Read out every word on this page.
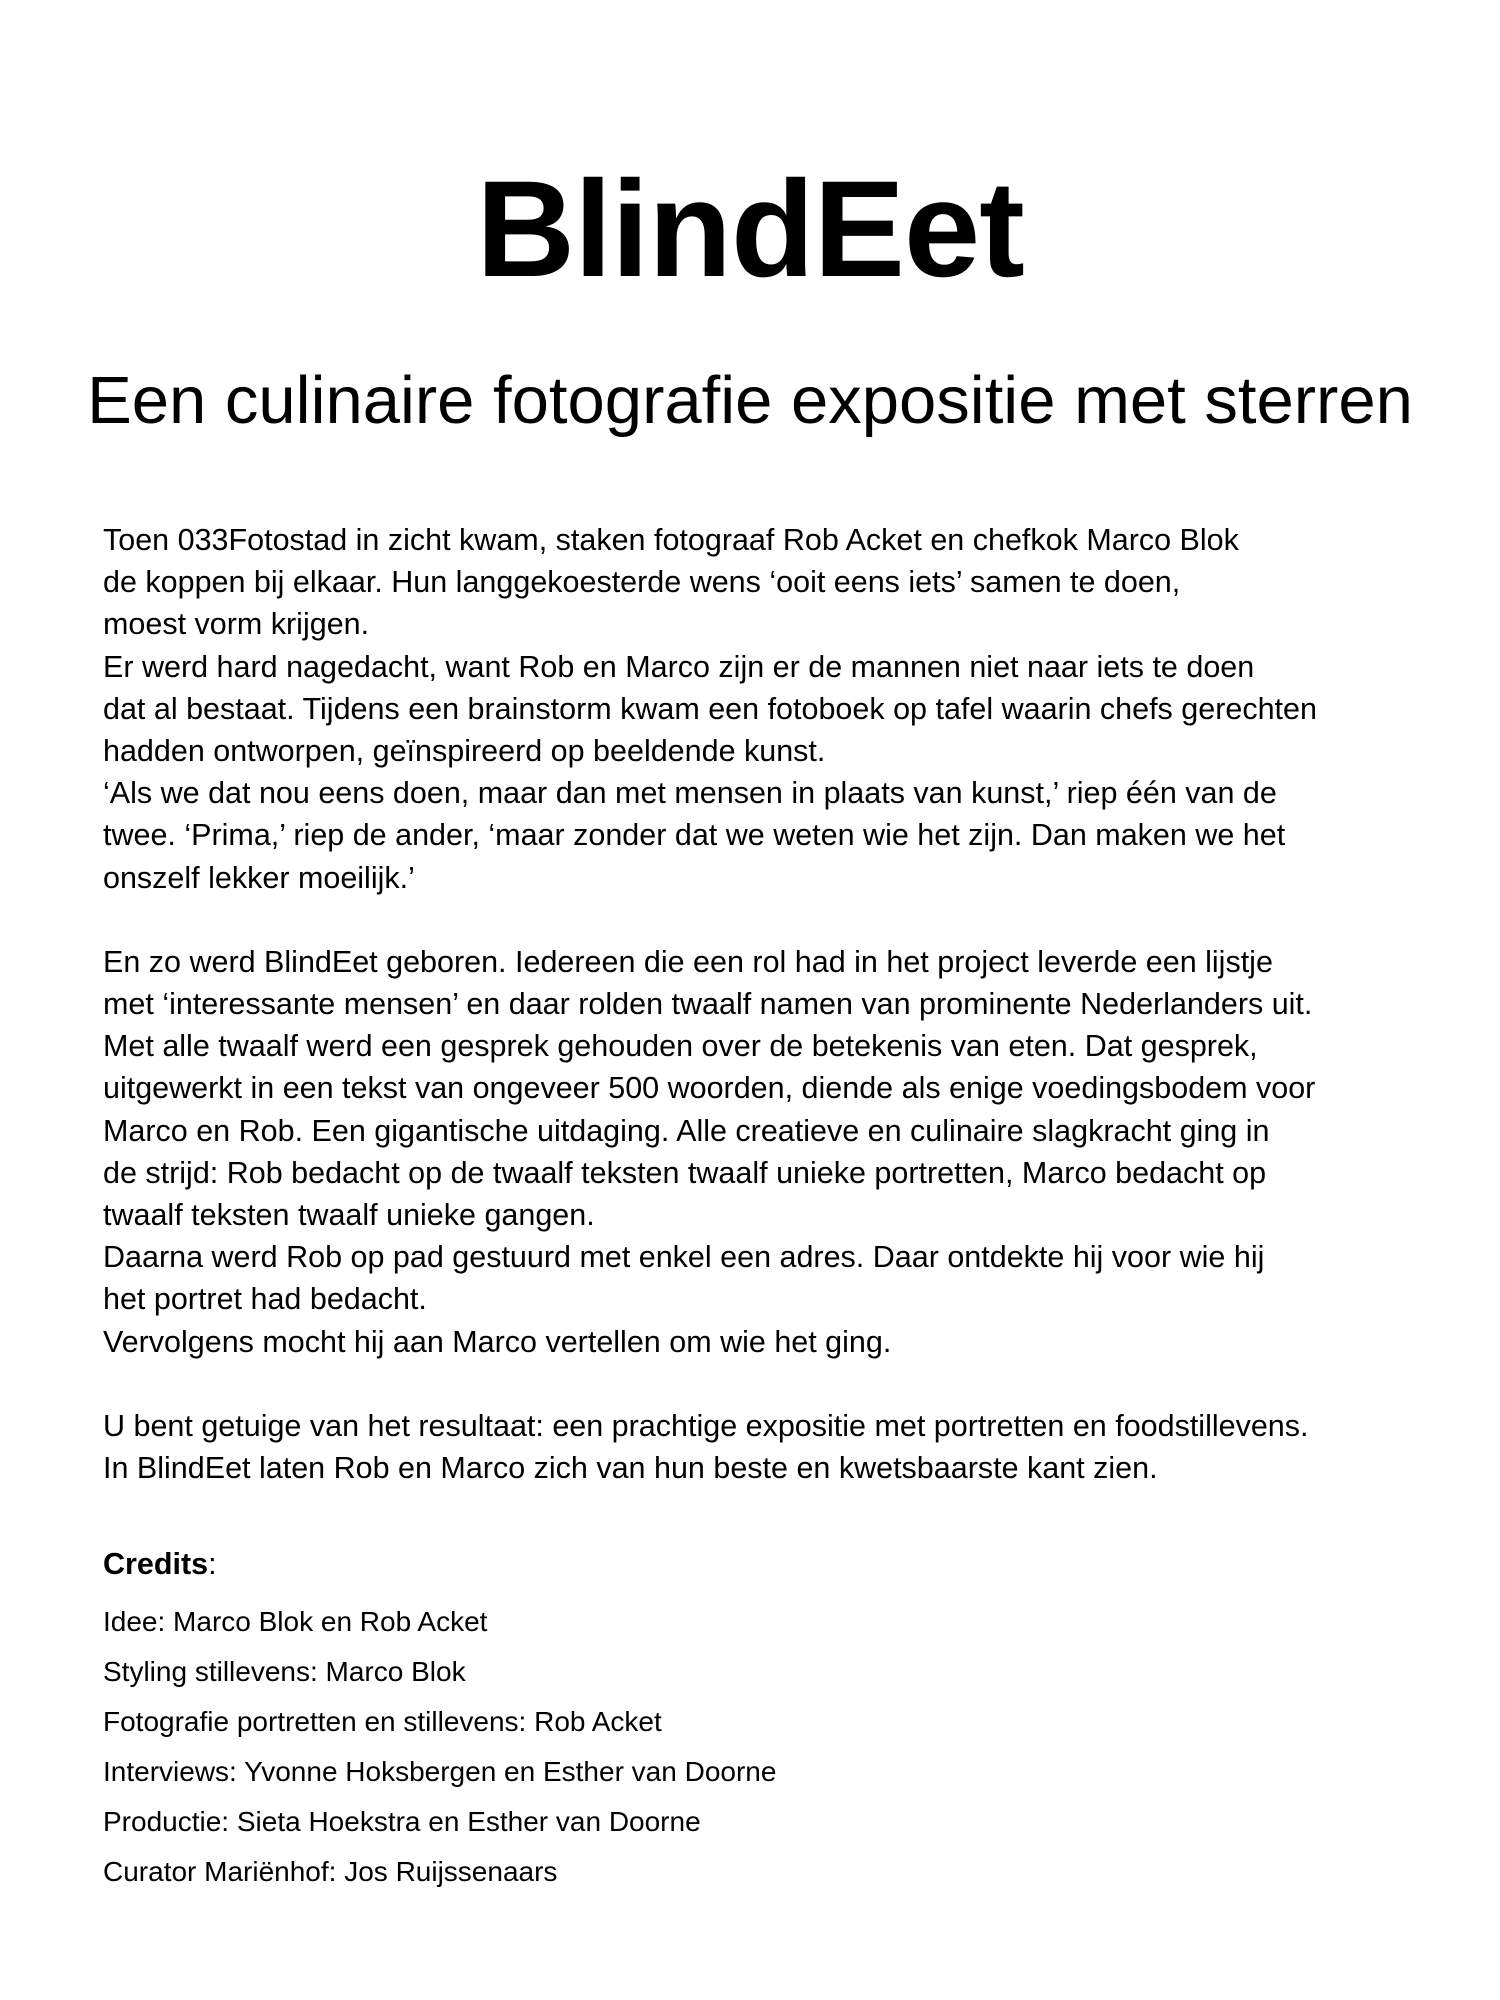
BlindEet
Een culinaire fotografie expositie met sterren
Toen 033Fotostad in zicht kwam, staken fotograaf Rob Acket en chefkok Marco Blok
de koppen bij elkaar. Hun langgekoesterde wens ‘ooit eens iets’ samen te doen,
moest vorm krijgen.
Er werd hard nagedacht, want Rob en Marco zijn er de mannen niet naar iets te doen
dat al bestaat. Tijdens een brainstorm kwam een fotoboek op tafel waarin chefs gerechten
hadden ontworpen, geïnspireerd op beeldende kunst.
‘Als we dat nou eens doen, maar dan met mensen in plaats van kunst,’ riep één van de
twee. ‘Prima,’ riep de ander, ‘maar zonder dat we weten wie het zijn. Dan maken we het
onszelf lekker moeilijk.’
En zo werd BlindEet geboren. Iedereen die een rol had in het project leverde een lijstje
met ‘interessante mensen’ en daar rolden twaalf namen van prominente Nederlanders uit.
Met alle twaalf werd een gesprek gehouden over de betekenis van eten. Dat gesprek,
uitgewerkt in een tekst van ongeveer 500 woorden, diende als enige voedingsbodem voor
Marco en Rob. Een gigantische uitdaging. Alle creatieve en culinaire slagkracht ging in
de strijd: Rob bedacht op de twaalf teksten twaalf unieke portretten, Marco bedacht op
twaalf teksten twaalf unieke gangen.
Daarna werd Rob op pad gestuurd met enkel een adres. Daar ontdekte hij voor wie hij
het portret had bedacht.
Vervolgens mocht hij aan Marco vertellen om wie het ging.
U bent getuige van het resultaat: een prachtige expositie met portretten en foodstillevens.
In BlindEet laten Rob en Marco zich van hun beste en kwetsbaarste kant zien.
Credits:
Idee: Marco Blok en Rob Acket
Styling stillevens: Marco Blok
Fotografie portretten en stillevens: Rob Acket
Interviews: Yvonne Hoksbergen en Esther van Doorne
Productie: Sieta Hoekstra en Esther van Doorne
Curator Mariënhof: Jos Ruijssenaars
